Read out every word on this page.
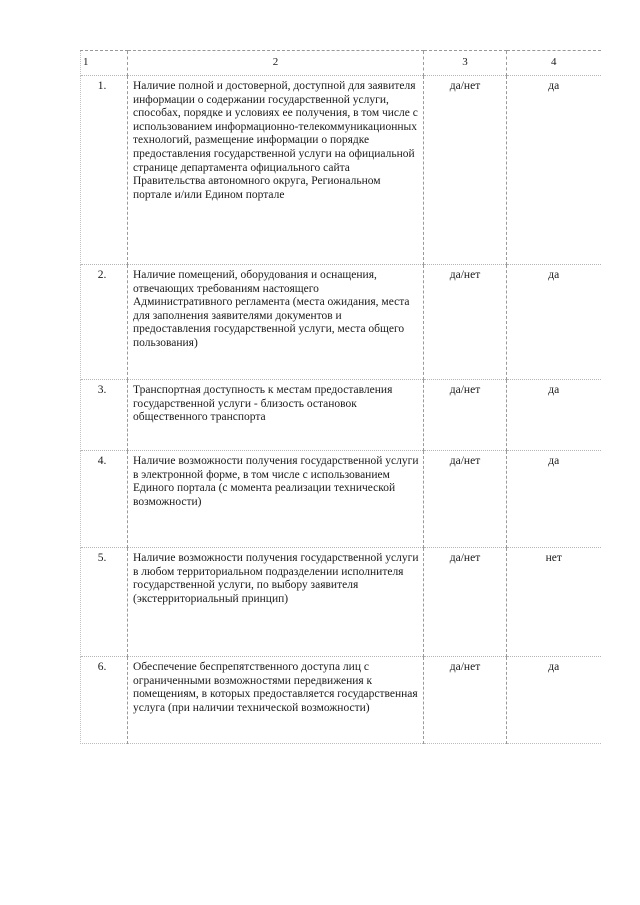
1	2	3	4
1.	Наличие полной и достоверной, доступной для заявителя информации о содержании государственной услуги, способах, порядке и условиях ее получения, в том числе с использованием информационно-телекоммуникационных технологий, размещение информации о порядке предоставления государственной услуги на официальной странице департамента официального сайта Правительства автономного округа, Региональном портале и/или Едином портале	да/нет	да
2.	Наличие помещений, оборудования и оснащения, отвечающих требованиям настоящего Административного регламента (места ожидания, места для заполнения заявителями документов и предоставления государственной услуги, места общего пользования)	да/нет	да
3.	Транспортная доступность к местам предоставления государственной услуги - близость остановок общественного транспорта	да/нет	да
4.	Наличие возможности получения государственной услуги в электронной форме, в том числе с использованием Единого портала (с момента реализации технической возможности)	да/нет	да
5.	Наличие возможности получения государственной услуги в любом территориальном подразделении исполнителя государственной услуги, по выбору заявителя (экстерриториальный принцип)	да/нет	нет
6.	Обеспечение беспрепятственного доступа лиц с ограниченными возможностями передвижения к помещениям, в которых предоставляется государственная услуга (при наличии технической возможности)	да/нет	да
